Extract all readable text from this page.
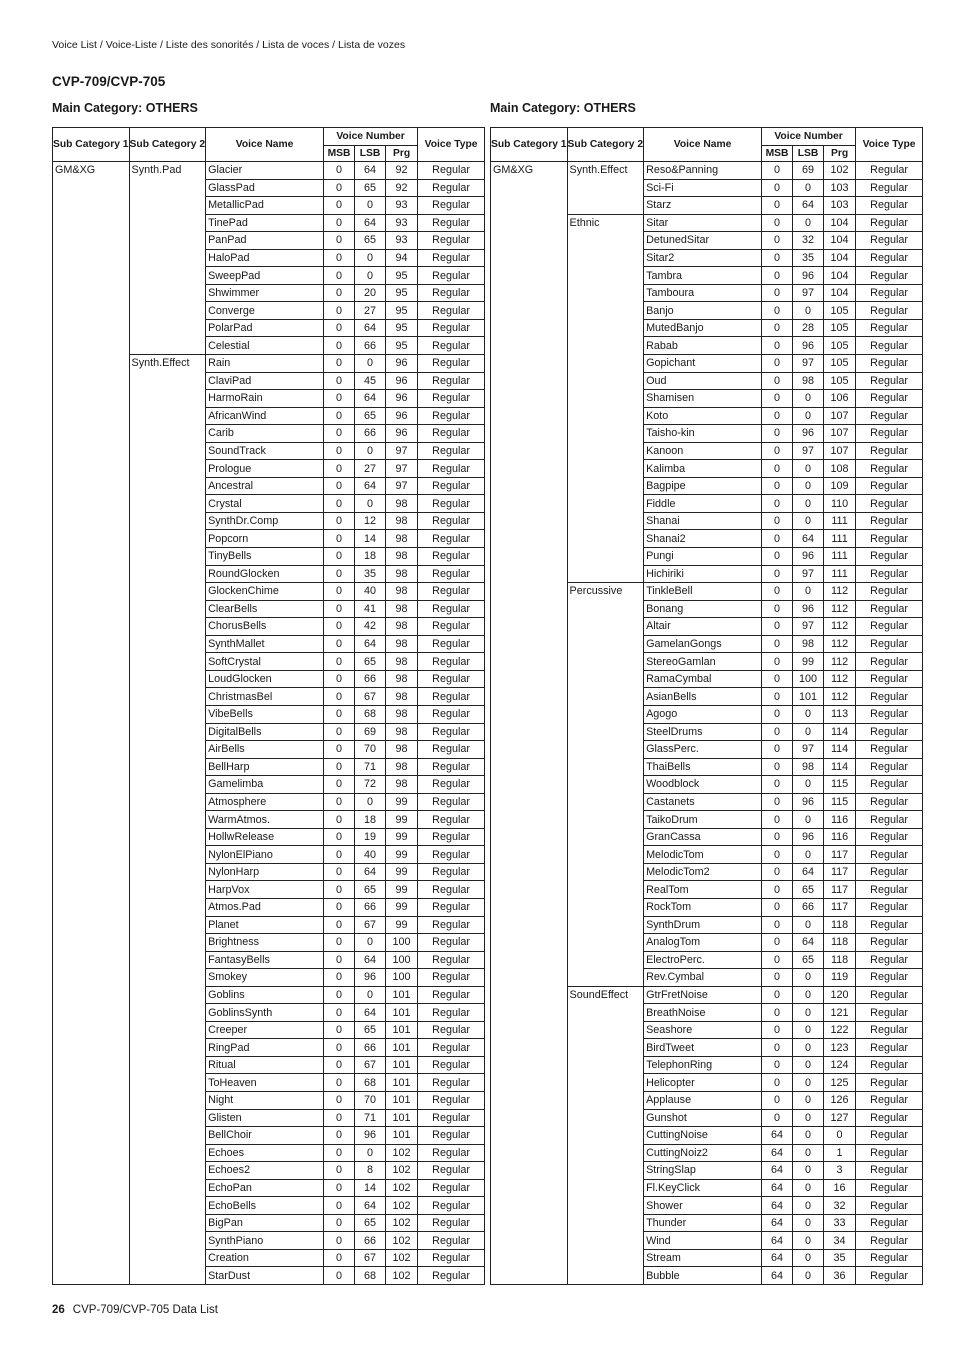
Voice List / Voice-Liste / Liste des sonorités / Lista de voces / Lista de vozes
CVP-709/CVP-705
Main Category: OTHERS	Main Category: OTHERS
Sub Category 1	Sub Category 2	Voice Name	Voice Number			Voice Type
			MSB	LSB	Prg	
GM&XG	Synth.Pad	Glacier	0	64	92	Regular
		GlassPad	0	65	92	Regular
		MetallicPad	0	0	93	Regular
		TinePad	0	64	93	Regular
		PanPad	0	65	93	Regular
		HaloPad	0	0	94	Regular
		SweepPad	0	0	95	Regular
		Shwimmer	0	20	95	Regular
		Converge	0	27	95	Regular
		PolarPad	0	64	95	Regular
		Celestial	0	66	95	Regular
	Synth.Effect	Rain	0	0	96	Regular
		ClaviPad	0	45	96	Regular
		HarmoRain	0	64	96	Regular
		AfricanWind	0	65	96	Regular
		Carib	0	66	96	Regular
		SoundTrack	0	0	97	Regular
		Prologue	0	27	97	Regular
		Ancestral	0	64	97	Regular
		Crystal	0	0	98	Regular
		SynthDr.Comp	0	12	98	Regular
		Popcorn	0	14	98	Regular
		TinyBells	0	18	98	Regular
		RoundGlocken	0	35	98	Regular
		GlockenChime	0	40	98	Regular
		ClearBells	0	41	98	Regular
		ChorusBells	0	42	98	Regular
		SynthMallet	0	64	98	Regular
		SoftCrystal	0	65	98	Regular
		LoudGlocken	0	66	98	Regular
		ChristmasBel	0	67	98	Regular
		VibeBells	0	68	98	Regular
		DigitalBells	0	69	98	Regular
		AirBells	0	70	98	Regular
		BellHarp	0	71	98	Regular
		Gamelimba	0	72	98	Regular
		Atmosphere	0	0	99	Regular
		WarmAtmos.	0	18	99	Regular
		HollwRelease	0	19	99	Regular
		NylonElPiano	0	40	99	Regular
		NylonHarp	0	64	99	Regular
		HarpVox	0	65	99	Regular
		Atmos.Pad	0	66	99	Regular
		Planet	0	67	99	Regular
		Brightness	0	0	100	Regular
		FantasyBells	0	64	100	Regular
		Smokey	0	96	100	Regular
		Goblins	0	0	101	Regular
		GoblinsSynth	0	64	101	Regular
		Creeper	0	65	101	Regular
		RingPad	0	66	101	Regular
		Ritual	0	67	101	Regular
		ToHeaven	0	68	101	Regular
		Night	0	70	101	Regular
		Glisten	0	71	101	Regular
		BellChoir	0	96	101	Regular
		Echoes	0	0	102	Regular
		Echoes2	0	8	102	Regular
		EchoPan	0	14	102	Regular
		EchoBells	0	64	102	Regular
		BigPan	0	65	102	Regular
		SynthPiano	0	66	102	Regular
		Creation	0	67	102	Regular
		StarDust	0	68	102	Regular
Sub Category 1	Sub Category 2	Voice Name	Voice Number			Voice Type
			MSB	LSB	Prg	
GM&XG	Synth.Effect	Reso&Panning	0	69	102	Regular
		Sci-Fi	0	0	103	Regular
		Starz	0	64	103	Regular
	Ethnic	Sitar	0	0	104	Regular
		DetunedSitar	0	32	104	Regular
		Sitar2	0	35	104	Regular
		Tambra	0	96	104	Regular
		Tamboura	0	97	104	Regular
		Banjo	0	0	105	Regular
		MutedBanjo	0	28	105	Regular
		Rabab	0	96	105	Regular
		Gopichant	0	97	105	Regular
		Oud	0	98	105	Regular
		Shamisen	0	0	106	Regular
		Koto	0	0	107	Regular
		Taisho-kin	0	96	107	Regular
		Kanoon	0	97	107	Regular
		Kalimba	0	0	108	Regular
		Bagpipe	0	0	109	Regular
		Fiddle	0	0	110	Regular
		Shanai	0	0	111	Regular
		Shanai2	0	64	111	Regular
		Pungi	0	96	111	Regular
		Hichiriki	0	97	111	Regular
	Percussive	TinkleBell	0	0	112	Regular
		Bonang	0	96	112	Regular
		Altair	0	97	112	Regular
		GamelanGongs	0	98	112	Regular
		StereoGamlan	0	99	112	Regular
		RamaCymbal	0	100	112	Regular
		AsianBells	0	101	112	Regular
		Agogo	0	0	113	Regular
		SteelDrums	0	0	114	Regular
		GlassPerc.	0	97	114	Regular
		ThaiBells	0	98	114	Regular
		Woodblock	0	0	115	Regular
		Castanets	0	96	115	Regular
		TaikoDrum	0	0	116	Regular
		GranCassa	0	96	116	Regular
		MelodicTom	0	0	117	Regular
		MelodicTom2	0	64	117	Regular
		RealTom	0	65	117	Regular
		RockTom	0	66	117	Regular
		SynthDrum	0	0	118	Regular
		AnalogTom	0	64	118	Regular
		ElectroPerc.	0	65	118	Regular
		Rev.Cymbal	0	0	119	Regular
	SoundEffect	GtrFretNoise	0	0	120	Regular
		BreathNoise	0	0	121	Regular
		Seashore	0	0	122	Regular
		BirdTweet	0	0	123	Regular
		TelephonRing	0	0	124	Regular
		Helicopter	0	0	125	Regular
		Applause	0	0	126	Regular
		Gunshot	0	0	127	Regular
		CuttingNoise	64	0	0	Regular
		CuttingNoiz2	64	0	1	Regular
		StringSlap	64	0	3	Regular
		Fl.KeyClick	64	0	16	Regular
		Shower	64	0	32	Regular
		Thunder	64	0	33	Regular
		Wind	64	0	34	Regular
		Stream	64	0	35	Regular
		Bubble	64	0	36	Regular
26 CVP-709/CVP-705 Data List
